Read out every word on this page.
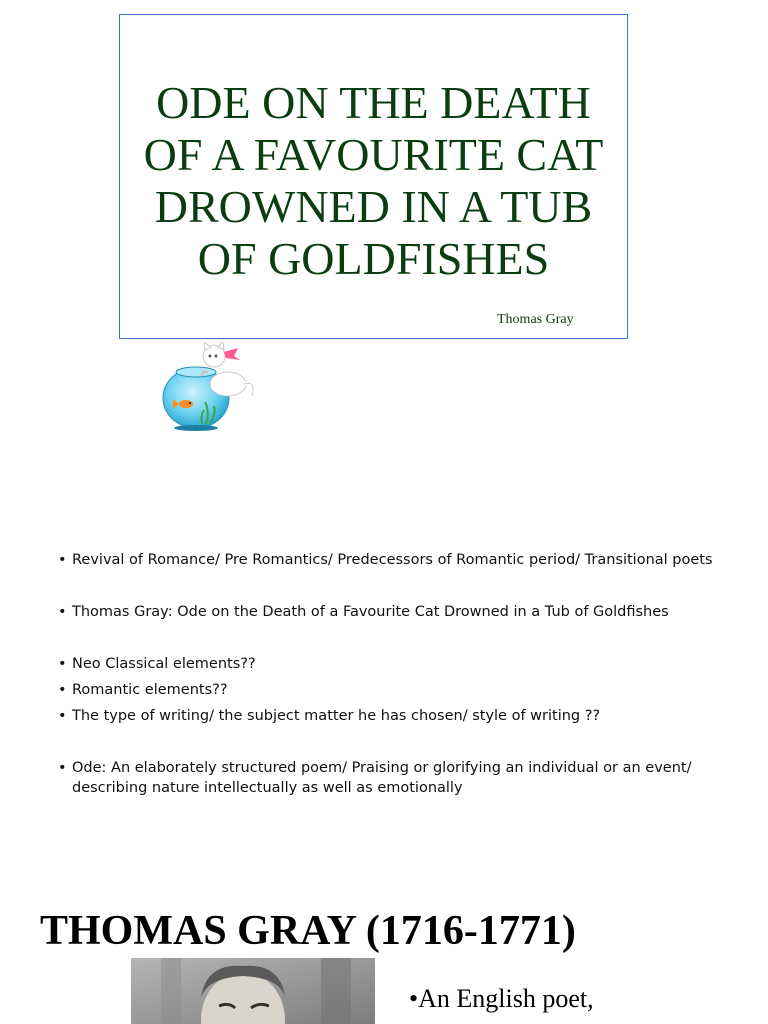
ODE ON THE DEATH
OF A FAVOURITE CAT
DROWNED IN A TUB
OF GOLDFISHES
Thomas Gray
• Revival of Romance/ Pre Romantics/ Predecessors of Romantic period/ Transitional poets
• Thomas Gray: Ode on the Death of a Favourite Cat Drowned in a Tub of Goldfishes
• Neo Classical elements??
• Romantic elements??
• The type of writing/ the subject matter he has chosen/ style of writing ??
• Ode: An elaborately structured poem/ Praising or glorifying an individual or an event/ describing nature intellectually as well as emotionally
THOMAS GRAY (1716-1771)
•An English poet,
